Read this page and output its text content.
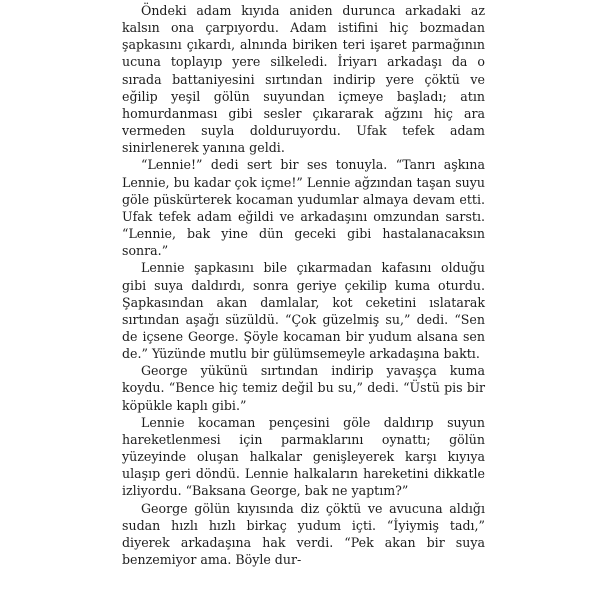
Öndeki adam kıyıda aniden durunca arkadaki az kalsın ona çarpıyordu. Adam istifini hiç bozmadan şapkasını çıkardı, alnında biriken teri işaret parmağının ucuna toplayıp yere silkeledi. İriyarı arkadaşı da o sırada battaniyesini sırtından indirip yere çöktü ve eğilip yeşil gölün suyundan içmeye başladı; atın homurdanması gibi sesler çıkararak ağzını hiç ara vermeden suyla dolduruyordu. Ufak tefek adam sinirlenerek yanına geldi.

“Lennie!” dedi sert bir ses tonuyla. “Tanrı aşkına Lennie, bu kadar çok içme!” Lennie ağzından taşan suyu göle püskürterek kocaman yudumlar almaya devam etti. Ufak tefek adam eğildi ve arkadaşını omzundan sarstı. “Lennie, bak yine dün geceki gibi hastalanacaksın sonra.”

Lennie şapkasını bile çıkarmadan kafasını olduğu gibi suya daldırdı, sonra geriye çekilip kuma oturdu. Şapkasından akan damlalar, kot ceketini ıslatarak sırtından aşağı süzüldü. “Çok güzelmiş su,” dedi. “Sen de içsene George. Şöyle kocaman bir yudum alsana sen de.” Yüzünde mutlu bir gülümsemeyle arkadaşına baktı.

George yükünü sırtından indirip yavaşça kuma koydu. “Bence hiç temiz değil bu su,” dedi. “Üstü pis bir köpükle kaplı gibi.”

Lennie kocaman pençesini göle daldırıp suyun hareketlenmesi için parmaklarını oynattı; gölün yüzeyinde oluşan halkalar genişleyerek karşı kıyıya ulaşıp geri döndü. Lennie halkaların hareketini dikkatle izliyordu. “Baksana George, bak ne yaptım?”

George gölün kıyısında diz çöktü ve avucuna aldığı sudan hızlı hızlı birkaç yudum içti. “İyiymiş tadı,” diyerek arkadaşına hak verdi. “Pek akan bir suya benzemiyor ama. Böyle dur-
